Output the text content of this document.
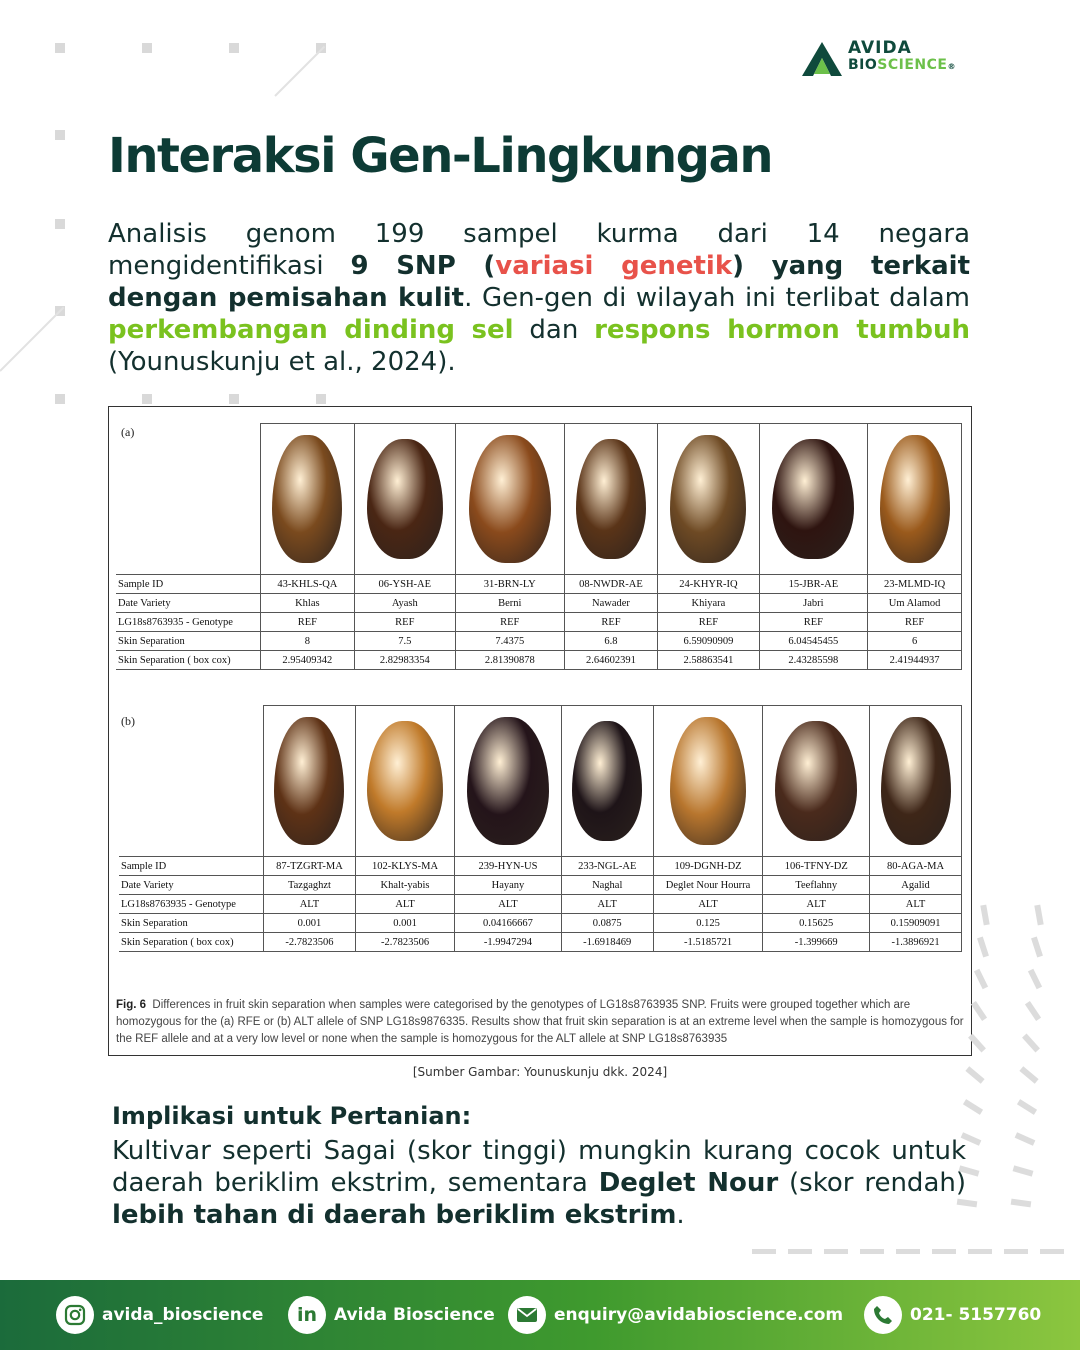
AVIDA
BIOSCIENCE®
Interaksi Gen-Lingkungan
Analisis genom 199 sampel kurma dari 14 negara mengidentifikasi 9 SNP (variasi genetik) yang terkait dengan pemisahan kulit. Gen-gen di wilayah ini terlibat dalam perkembangan dinding sel dan respons hormon tumbuh (Younuskunju et al., 2024).
(a)

Sample ID	43-KHLS-QA	06-YSH-AE	31-BRN-LY	08-NWDR-AE	24-KHYR-IQ	15-JBR-AE	23-MLMD-IQ
Date Variety	Khlas	Ayash	Berni	Nawader	Khiyara	Jabri	Um Alamod
LG18s8763935 - Genotype	REF	REF	REF	REF	REF	REF	REF
Skin Separation	8	7.5	7.4375	6.8	6.59090909	6.04545455	6
Skin Separation ( box cox)	2.95409342	2.82983354	2.81390878	2.64602391	2.58863541	2.43285598	2.41944937
(b)

Sample ID	87-TZGRT-MA	102-KLYS-MA	239-HYN-US	233-NGL-AE	109-DGNH-DZ	106-TFNY-DZ	80-AGA-MA
Date Variety	Tazgaghzt	Khalt-yabis	Hayany	Naghal	Deglet Nour Hourra	Teeflahny	Agalid
LG18s8763935 - Genotype	ALT	ALT	ALT	ALT	ALT	ALT	ALT
Skin Separation	0.001	0.001	0.04166667	0.0875	0.125	0.15625	0.15909091
Skin Separation ( box cox)	-2.7823506	-2.7823506	-1.9947294	-1.6918469	-1.5185721	-1.399669	-1.3896921
Fig. 6 Differences in fruit skin separation when samples were categorised by the genotypes of LG18s8763935 SNP. Fruits were grouped together which are homozygous for the (a) RFE or (b) ALT allele of SNP LG18s9876335. Results show that fruit skin separation is at an extreme level when the sample is homozygous for the REF allele and at a very low level or none when the sample is homozygous for the ALT allele at SNP LG18s8763935
[Sumber Gambar: Younuskunju dkk. 2024]
Implikasi untuk Pertanian:
Kultivar seperti Sagai (skor tinggi) mungkin kurang cocok untuk daerah beriklim ekstrim, sementara Deglet Nour (skor rendah) lebih tahan di daerah beriklim ekstrim.
avida_bioscience in Avida Bioscience	enquiry@avidabioscience.com	021- 5157760
